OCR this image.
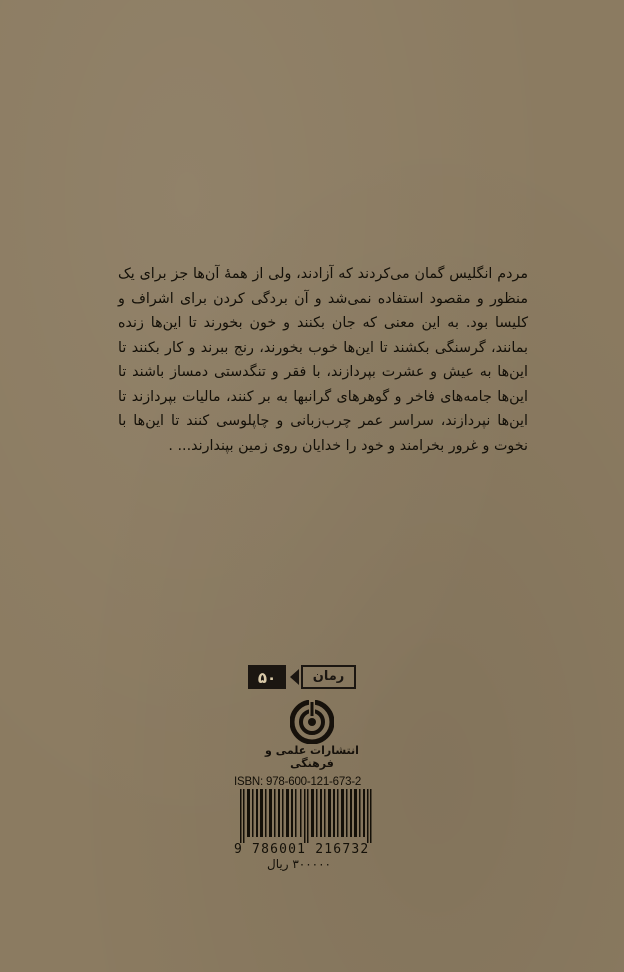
مردم انگلیس گمان می‌کردند که آزادند، ولی از همهٔ آن‌ها جز برای یک منظور و مقصود استفاده نمی‌شد و آن بردگی کردن برای اشراف و کلیسا بود. به این معنی که جان بکنند و خون بخورند تا این‌ها زنده بمانند، گرسنگی بکشند تا این‌ها خوب بخورند، رنج ببرند و کار بکنند تا این‌ها به عیش و عشرت بپردازند، با فقر و تنگدستی دمساز باشند تا این‌ها جامه‌های فاخر و گوهرهای گرانبها به بر کنند، مالیات بپردازند تا این‌ها نپردازند، سراسر عمر چرب‌زبانی و چاپلوسی کنند تا این‌ها با نخوت و غرور بخرامند و خود را خدایان روی زمین بپندارند... .

۵۰	رمان
انتشارات علمی و فرهنگی
ISBN: 978-600-121-673-2
9 786001 216732
۳۰۰۰۰۰ ریال
